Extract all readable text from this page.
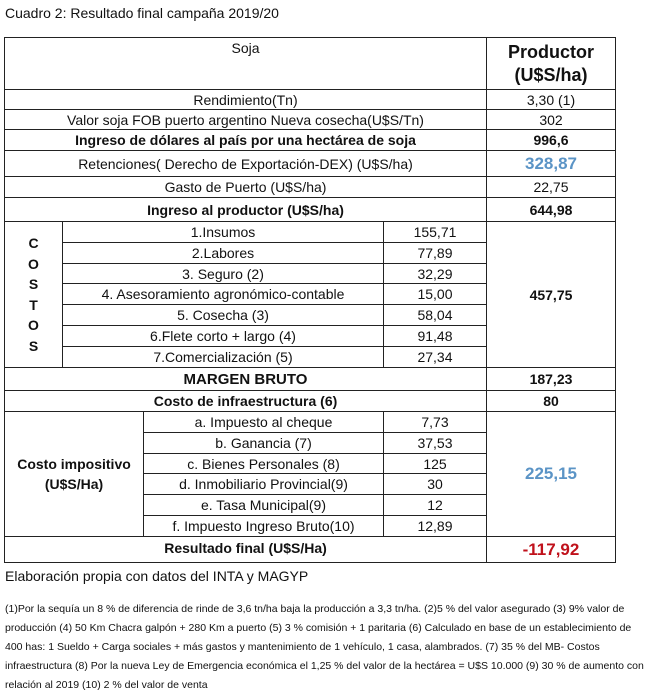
Cuadro 2: Resultado final campaña 2019/20
Soja	Productor
(U$S/ha)
Rendimiento(Tn)	3,30 (1)
Valor soja FOB puerto argentino Nueva cosecha(U$S/Tn)	302
Ingreso de dólares al país por una hectárea de soja	996,6
Retenciones( Derecho de Exportación-DEX) (U$S/ha)	328,87
Gasto de Puerto (U$S/ha)	22,75
Ingreso al productor (U$S/ha)	644,98
C
O
S
T
O
S
1.Insumos	155,71
2.Labores	77,89
3. Seguro (2)	32,29
4. Asesoramiento agronómico-contable	15,00
5. Cosecha (3)	58,04
6.Flete corto + largo (4)	91,48
7.Comercialización (5)	27,34
457,75
MARGEN BRUTO	187,23
Costo de infraestructura (6)	80
Costo impositivo
(U$S/Ha)
a. Impuesto al cheque	7,73
b. Ganancia (7)	37,53
c. Bienes Personales (8)	125
d. Inmobiliario Provincial(9)	30
e. Tasa Municipal(9)	12
f. Impuesto Ingreso Bruto(10)	12,89
225,15
Resultado final (U$S/Ha)	-117,92
Elaboración propia con datos del INTA y MAGYP
(1)Por la sequía un 8 % de diferencia de rinde de 3,6 tn/ha baja la producción a 3,3 tn/ha. (2)5 % del valor asegurado (3) 9% valor de producción (4) 50 Km Chacra galpón + 280 Km a puerto (5) 3 % comisión + 1 paritaria (6) Calculado en base de un establecimiento de 400 has: 1 Sueldo + Carga sociales + más gastos y mantenimiento de 1 vehículo, 1 casa, alambrados. (7) 35 % del MB- Costos infraestructura (8) Por la nueva Ley de Emergencia económica el 1,25 % del valor de la hectárea = U$S 10.000 (9) 30 % de aumento con relación al 2019 (10) 2 % del valor de venta
